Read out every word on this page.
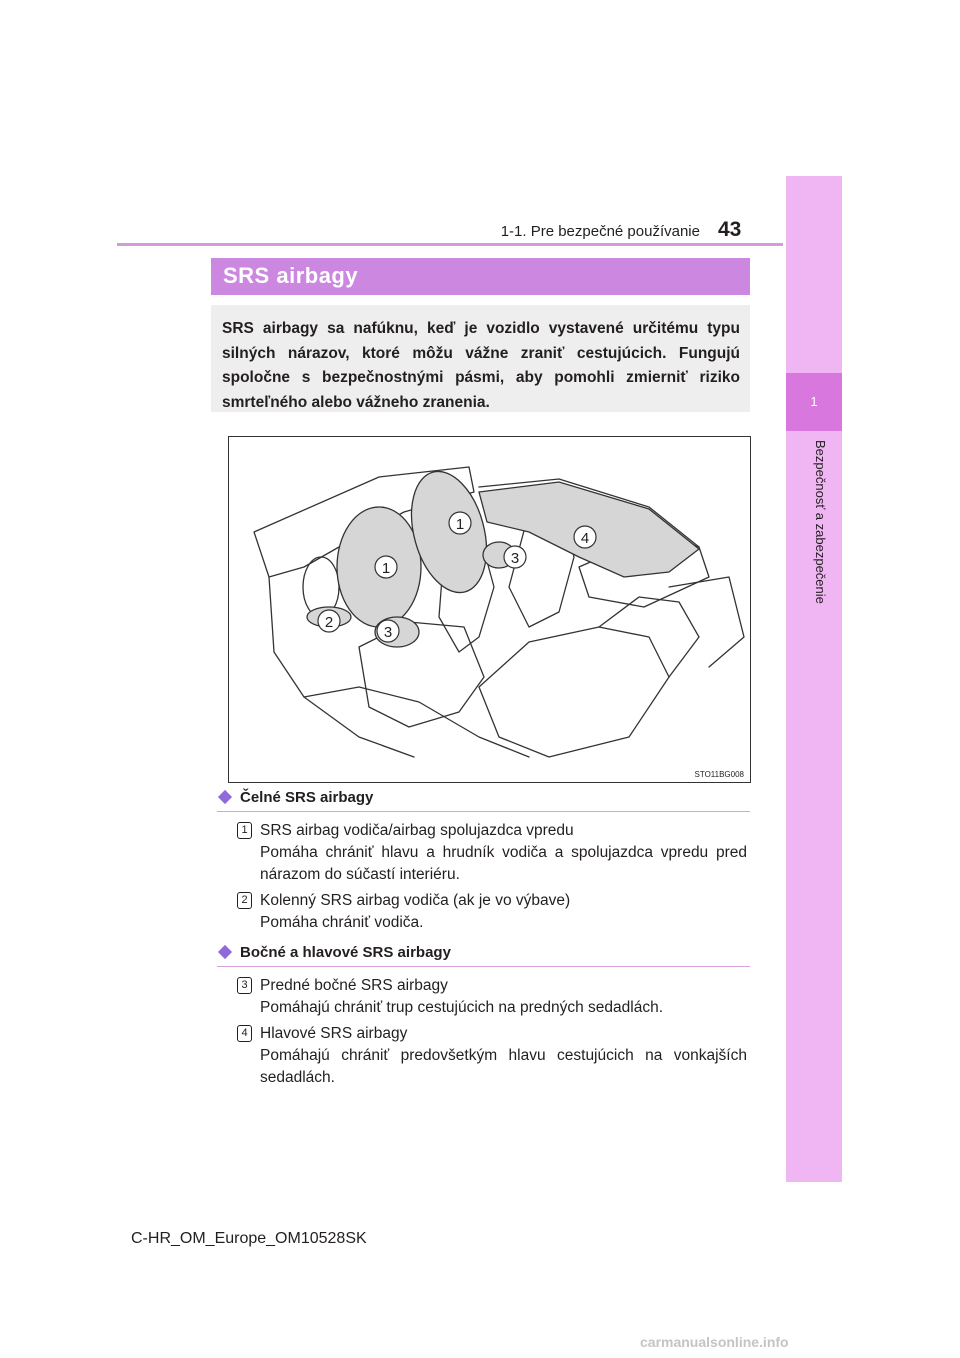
43
1-1. Pre bezpečné používanie
1
Bezpečnosť a zabezpečenie
SRS airbagy

SRS airbagy sa nafúknu, keď je vozidlo vystavené určitému typu silných nárazov, ktoré môžu vážne zraniť cestujúcich. Fungujú spoločne s bezpečnostnými pásmi, aby pomohli zmierniť riziko smrteľného alebo vážneho zranenia.

1
1
2
3
3
4
STO11BG008
Čelné SRS airbagy
1 SRS airbag vodiča/airbag spolujazdca vpredu
Pomáha chrániť hlavu a hrudník vodiča a spolujazdca vpredu pred nárazom do súčastí interiéru.
2 Kolenný SRS airbag vodiča (ak je vo výbave)
Pomáha chrániť vodiča.
Bočné a hlavové SRS airbagy
3 Predné bočné SRS airbagy
Pomáhajú chrániť trup cestujúcich na predných sedadlách.
4 Hlavové SRS airbagy
Pomáhajú chrániť predovšetkým hlavu cestujúcich na vonkajších sedadlách.
C-HR_OM_Europe_OM10528SK
carmanualsonline.info
